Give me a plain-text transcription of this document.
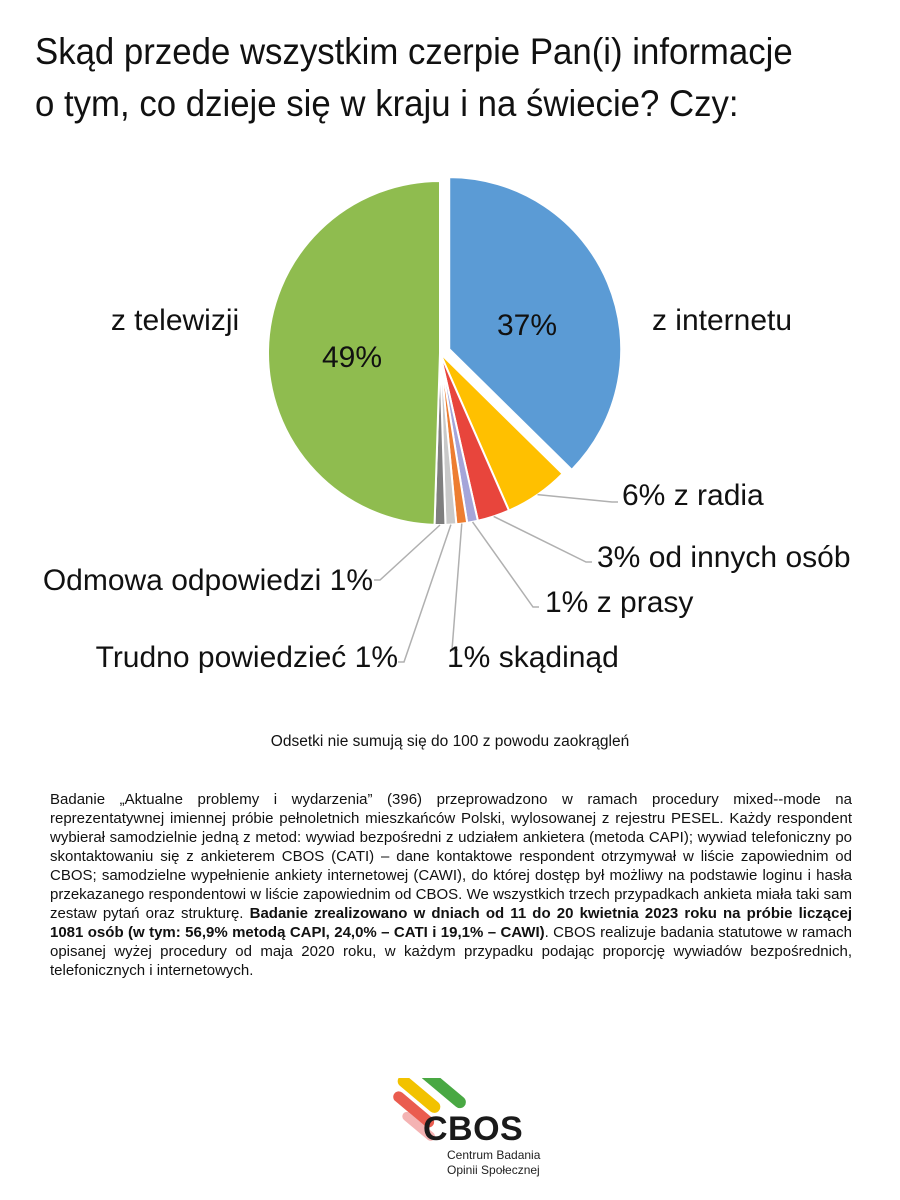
Skąd przede wszystkim czerpie Pan(i) informacje
o tym, co dzieje się w kraju i na świecie? Czy:
37%	z internetu
6% z radia
3% od innych osób
1% z prasy
1% skądinąd
Trudno powiedzieć 1%
Odmowa odpowiedzi 1%
49%
z telewizji
Odsetki nie sumują się do 100 z powodu zaokrągleń
Badanie „Aktualne problemy i wydarzenia” (396) przeprowadzono w ramach procedury mixed--mode na reprezentatywnej imiennej próbie pełnoletnich mieszkańców Polski, wylosowanej z rejestru PESEL. Każdy respondent wybierał samodzielnie jedną z metod: wywiad bezpośredni z udziałem ankietera (metoda CAPI); wywiad telefoniczny po skontaktowaniu się z ankieterem CBOS (CATI) – dane kontaktowe respondent otrzymywał w liście zapowiednim od CBOS; samodzielne wypełnienie ankiety internetowej (CAWI), do której dostęp był możliwy na podstawie loginu i hasła przekazanego respondentowi w liście zapowiednim od CBOS. We wszystkich trzech przypadkach ankieta miała taki sam zestaw pytań oraz strukturę. Badanie zrealizowano w dniach od 11 do 20 kwietnia 2023 roku na próbie liczącej 1081 osób (w tym: 56,9% metodą CAPI, 24,0% – CATI i 19,1% – CAWI). CBOS realizuje badania statutowe w ramach opisanej wyżej procedury od maja 2020 roku, w każdym przypadku podając proporcję wywiadów bezpośrednich, telefonicznych i internetowych.
CBOS
Centrum Badania
Opinii Społecznej
